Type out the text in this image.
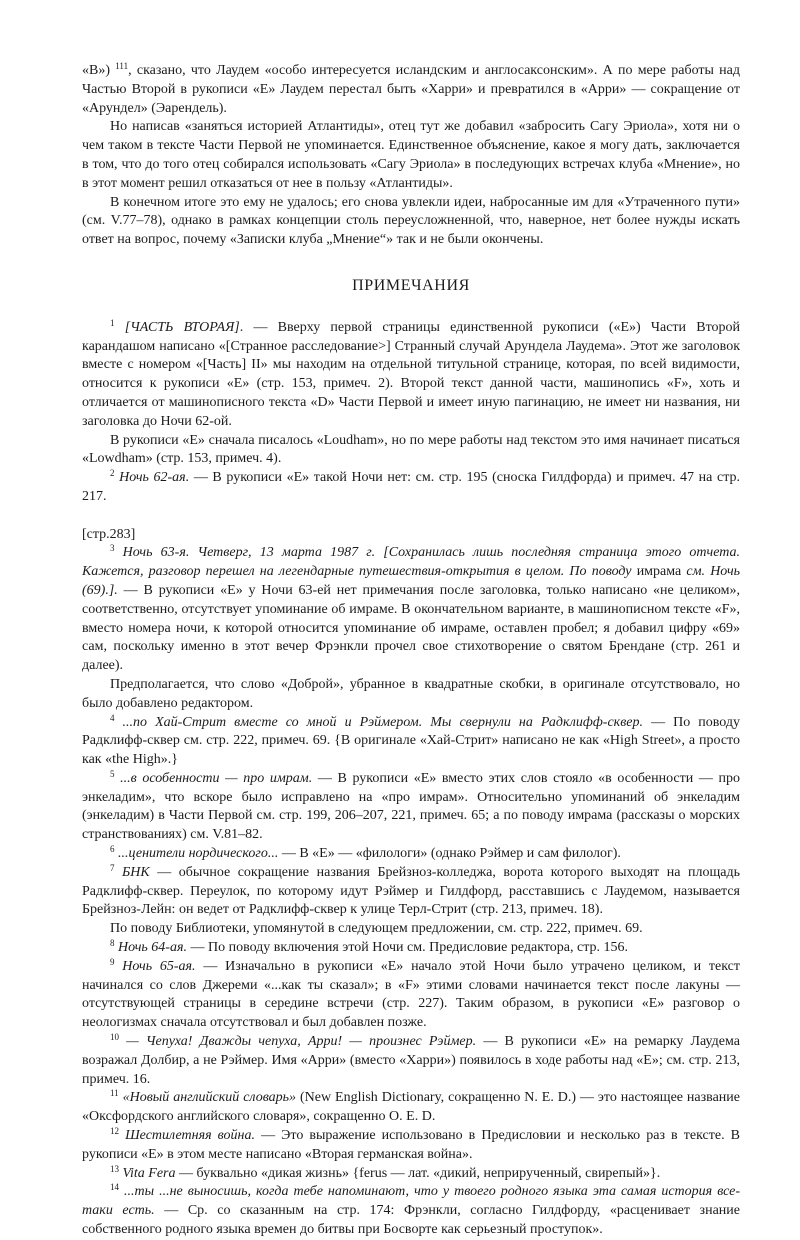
«В») $^{111}$, сказано, что Лаудем «особо интересуется исландским и англосаксонским». А по мере работы над Частью Второй в рукописи «Е» Лаудем перестал быть «Харри» и превратился в «Арри» — сокращение от «Арундел» (Эарендель).

Но написав «заняться историей Атлантиды», отец тут же добавил «забросить Сагу Эриола», хотя ни о чем таком в тексте Части Первой не упоминается. Единственное объяснение, какое я могу дать, заключается в том, что до того отец собирался использовать «Сагу Эриола» в последующих встречах клуба «Мнение», но в этот момент решил отказаться от нее в пользу «Атлантиды».

В конечном итоге это ему не удалось; его снова увлекли идеи, набросанные им для «Утраченного пути» (см. V.77–78), однако в рамках концепции столь переусложненной, что, наверное, нет более нужды искать ответ на вопрос, почему «Записки клуба „Мнение“» так и не были окончены.

ПРИМЕЧАНИЯ

$^1$ [ЧАСТЬ ВТОРАЯ]. — Вверху первой страницы единственной рукописи («Е») Части Второй карандашом написано «[Странное расследование>] Странный случай Арундела Лаудема». Этот же заголовок вместе с номером «[Часть] II» мы находим на отдельной титульной странице, которая, по всей видимости, относится к рукописи «Е» (стр. 153, примеч. 2). Второй текст данной части, машинопись «F», хоть и отличается от машинописного текста «D» Части Первой и имеет иную пагинацию, не имеет ни названия, ни заголовка до Ночи 62-ой.

В рукописи «Е» сначала писалось «Loudham», но по мере работы над текстом это имя начинает писаться «Lowdham» (стр. 153, примеч. 4).

$^2$ Ночь 62-ая. — В рукописи «Е» такой Ночи нет: см. стр. 195 (сноска Гилдфорда) и примеч. 47 на стр. 217.

[стр.283]

$^3$ Ночь 63-я. Четверг, 13 марта 1987 г. [Сохранилась лишь последняя страница этого отчета. Кажется, разговор перешел на легендарные путешествия-открытия в целом. По поводу имрама см. Ночь (69).]. — В рукописи «Е» у Ночи 63-ей нет примечания после заголовка, только написано «не целиком», соответственно, отсутствует упоминание об имраме. В окончательном варианте, в машинописном тексте «F», вместо номера ночи, к которой относится упоминание об имраме, оставлен пробел; я добавил цифру «69» сам, поскольку именно в этот вечер Фрэнкли прочел свое стихотворение о святом Брендане (стр. 261 и далее).

Предполагается, что слово «Доброй», убранное в квадратные скобки, в оригинале отсутствовало, но было добавлено редактором.

$^4$ ...по Хай-Стрит вместе со мной и Рэймером. Мы свернули на Радклифф-сквер. — По поводу Радклифф-сквер см. стр. 222, примеч. 69. {В оригинале «Хай-Стрит» написано не как «High Street», а просто как «the High».}

$^5$ ...в особенности — про имрам. — В рукописи «Е» вместо этих слов стояло «в особенности — про энкеладим», что вскоре было исправлено на «про имрам». Относительно упоминаний об энкеладим (энкеладим) в Части Первой см. стр. 199, 206–207, 221, примеч. 65; а по поводу имрама (рассказы о морских странствованиях) см. V.81–82.

$^6$ ...ценители нордического... — В «Е» — «филологи» (однако Рэймер и сам филолог).

$^7$ БНК — обычное сокращение названия Брейзноз-колледжа, ворота которого выходят на площадь Радклифф-сквер. Переулок, по которому идут Рэймер и Гилдфорд, расставшись с Лаудемом, называется Брейзноз-Лейн: он ведет от Радклифф-сквер к улице Терл-Стрит (стр. 213, примеч. 18).

По поводу Библиотеки, упомянутой в следующем предложении, см. стр. 222, примеч. 69.

$^8$ Ночь 64-ая. — По поводу включения этой Ночи см. Предисловие редактора, стр. 156.

$^9$ Ночь 65-ая. — Изначально в рукописи «Е» начало этой Ночи было утрачено целиком, и текст начинался со слов Джереми «...как ты сказал»; в «F» этими словами начинается текст после лакуны — отсутствующей страницы в середине встречи (стр. 227). Таким образом, в рукописи «Е» разговор о неологизмах сначала отсутствовал и был добавлен позже.

$^{10}$ — Чепуха! Дважды чепуха, Арри! — произнес Рэймер. — В рукописи «Е» на ремарку Лаудема возражал Долбир, а не Рэймер. Имя «Арри» (вместо «Харри») появилось в ходе работы над «Е»; см. стр. 213, примеч. 16.

$^{11}$ «Новый английский словарь» (New English Dictionary, сокращенно N. E. D.) — это настоящее название «Оксфордского английского словаря», сокращенно O. E. D.

$^{12}$ Шестилетняя война. — Это выражение использовано в Предисловии и несколько раз в тексте. В рукописи «Е» в этом месте написано «Вторая германская война».

$^{13}$ Vita Fera — буквально «дикая жизнь» {ferus — лат. «дикий, неприрученный, свирепый»}.

$^{14}$ ...ты ...не выносишь, когда тебе напоминают, что у твоего родного языка эта самая история все-таки есть. — Ср. со сказанным на стр. 174: Фрэнкли, согласно Гилдфорду, «расценивает знание собственного родного языка времен до битвы при Босворте как серьезный проступок».
